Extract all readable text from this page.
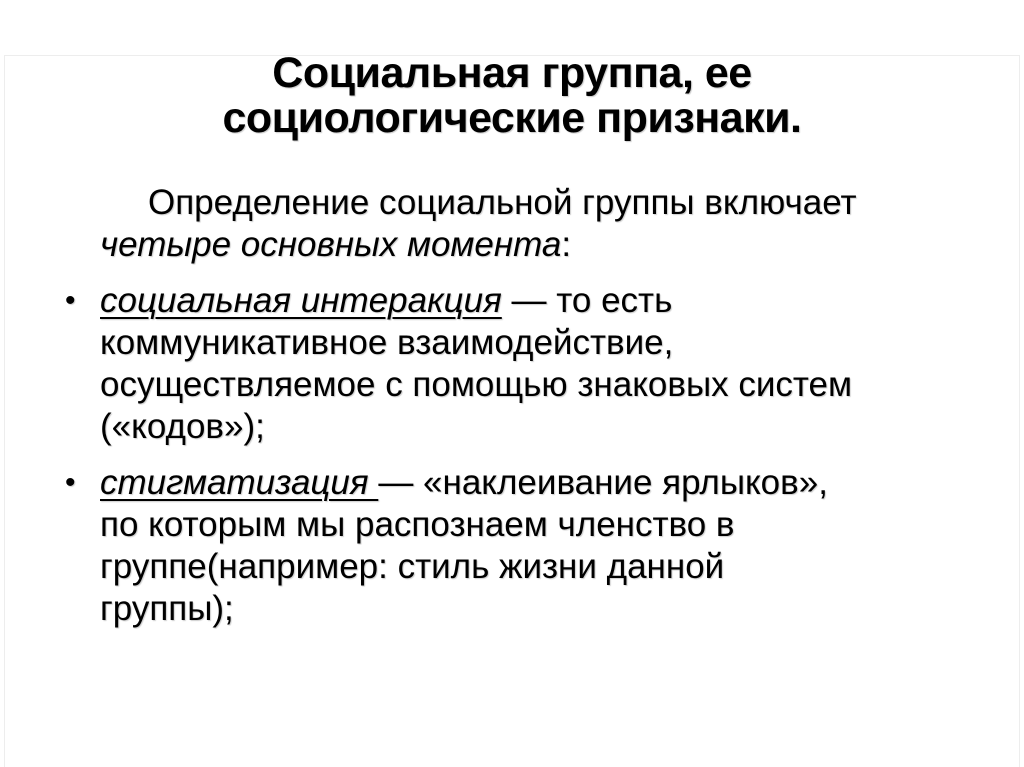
Социальная группа, ее
социологические признаки.
Определение социальной группы включает
четыре основных момента:
• социальная интеракция — то есть
коммуникативное взаимодействие,
осуществляемое с помощью знаковых систем
(«кодов»);
• стигматизация — «наклеивание ярлыков»,
по которым мы распознаем членство в
группе(например: стиль жизни данной
группы);
